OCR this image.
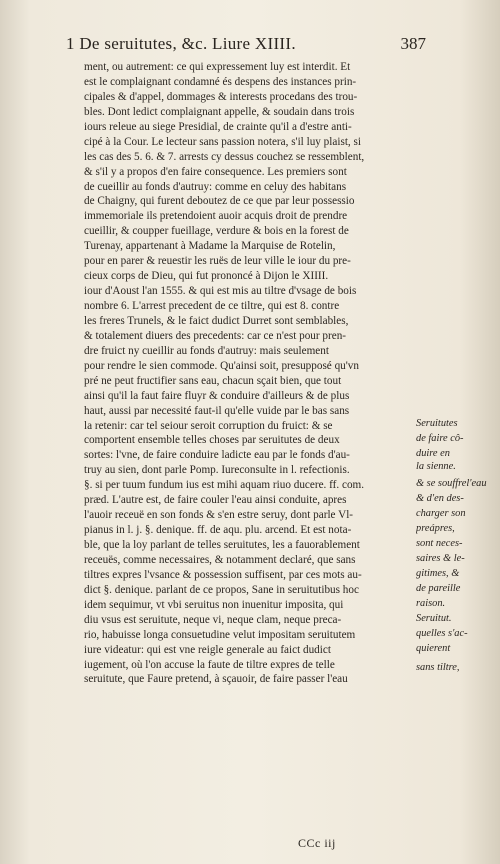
1 De seruitutes, &c. Liure XIIII.	387
ment, ou autrement: ce qui expressement luy est interdit. Et
est le complaignant condamné és despens des instances prin-
cipales & d'appel, dommages & interests procedans des trou-
bles. Dont ledict complaignant appelle, & soudain dans trois
iours releue au siege Presidial, de crainte qu'il a d'estre anti-
cipé à la Cour. Le lecteur sans passion notera, s'il luy plaist, si
les cas des 5. 6. & 7. arrests cy dessus couchez se ressemblent,
& s'il y a propos d'en faire consequence. Les premiers sont
de cueillir au fonds d'autruy: comme en celuy des habitans
de Chaigny, qui furent deboutez de ce que par leur possessio
immemoriale ils pretendoient auoir acquis droit de prendre
cueillir, & coupper fueillage, verdure & bois en la forest de
Turenay, appartenant à Madame la Marquise de Rotelin,
pour en parer & reuestir les ruës de leur ville le iour du pre-
cieux corps de Dieu, qui fut prononcé à Dijon le XIIII.
iour d'Aoust l'an 1555. & qui est mis au tiltre d'vsage de bois
nombre 6. L'arrest precedent de ce tiltre, qui est 8. contre
les freres Trunels, & le faict dudict Durret sont semblables,
& totalement diuers des precedents: car ce n'est pour pren-
dre fruict ny cueillir au fonds d'autruy: mais seulement
pour rendre le sien commode. Qu'ainsi soit, presupposé qu'vn
pré ne peut fructifier sans eau, chacun sçait bien, que tout
ainsi qu'il la faut faire fluyr & conduire d'ailleurs & de plus
haut, aussi par necessité faut-il qu'elle vuide par le bas sans
la retenir: car tel seiour seroit corruption du fruict: & se
comportent ensemble telles choses par seruitutes de deux
sortes: l'vne, de faire conduire ladicte eau par le fonds d'au-
truy au sien, dont parle Pomp. Iureconsulte in l. refectionis.
§. si per tuum fundum ius est mihi aquam riuo ducere. ff. com.
præd. L'autre est, de faire couler l'eau ainsi conduite, apres
l'auoir receuë en son fonds & s'en estre seruy, dont parle Vl-
pianus in l. j. §. denique. ff. de aqu. plu. arcend. Et est nota-
ble, que la loy parlant de telles seruitutes, les a fauorablement
receuës, comme necessaires, & notamment declaré, que sans
tiltres expres l'vsance & possession suffisent, par ces mots au-
dict §. denique. parlant de ce propos, Sane in seruitutibus hoc
idem sequimur, vt vbi seruitus non inuenitur imposita, qui
diu vsus est seruitute, neque vi, neque clam, neque preca-
rio, habuisse longa consuetudine velut impositam seruitutem
iure videatur: qui est vne reigle generale au faict dudict
iugement, où l'on accuse la faute de tiltre expres de telle
seruitute, que Faure pretend, à sçauoir, de faire passer l'eau
Seruitutes
de faire cô-
duire en
la sienne.
& se souffrel'eau
& d'en des-
charger son
preápres,
sont neces-
saires & le-
gitimes, &
de pareille
raison.
Seruitut.
quelles s'ac-
quierent
sans tiltre,
CCc iij
